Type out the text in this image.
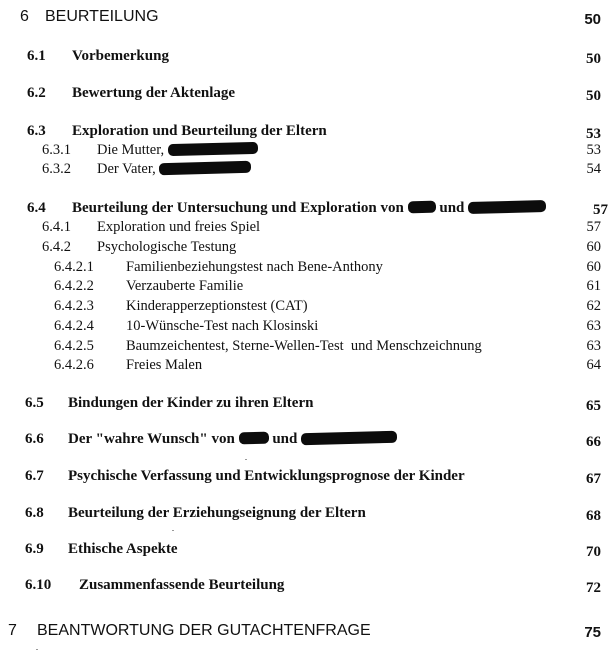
6 BEURTEILUNG	50
6.1 Vorbemerkung	50
6.2 Bewertung der Aktenlage	50
6.3 Exploration und Beurteilung der Eltern	53
6.3.1 Die Mutter,	53
6.3.2 Der Vater,	54
6.4 Beurteilung der Untersuchung und Exploration von und	57
6.4.1 Exploration und freies Spiel	57
6.4.2 Psychologische Testung	60
6.4.2.1 Familienbeziehungstest nach Bene-Anthony	60
6.4.2.2 Verzauberte Familie	61
6.4.2.3 Kinderapperzeptionstest (CAT)	62
6.4.2.4 10-Wünsche-Test nach Klosinski	63
6.4.2.5 Baumzeichentest, Sterne-Wellen-Test  und Menschzeichnung	63
6.4.2.6 Freies Malen	64
6.5 Bindungen der Kinder zu ihren Eltern	65
6.6 Der "wahre Wunsch" von	und	66
6.7 Psychische Verfassung und Entwicklungsprognose der Kinder	67
6.8 Beurteilung der Erziehungseignung der Eltern	68
6.9 Ethische Aspekte	70
6.10 Zusammenfassende Beurteilung	72
7 BEANTWORTUNG DER GUTACHTENFRAGE	75
